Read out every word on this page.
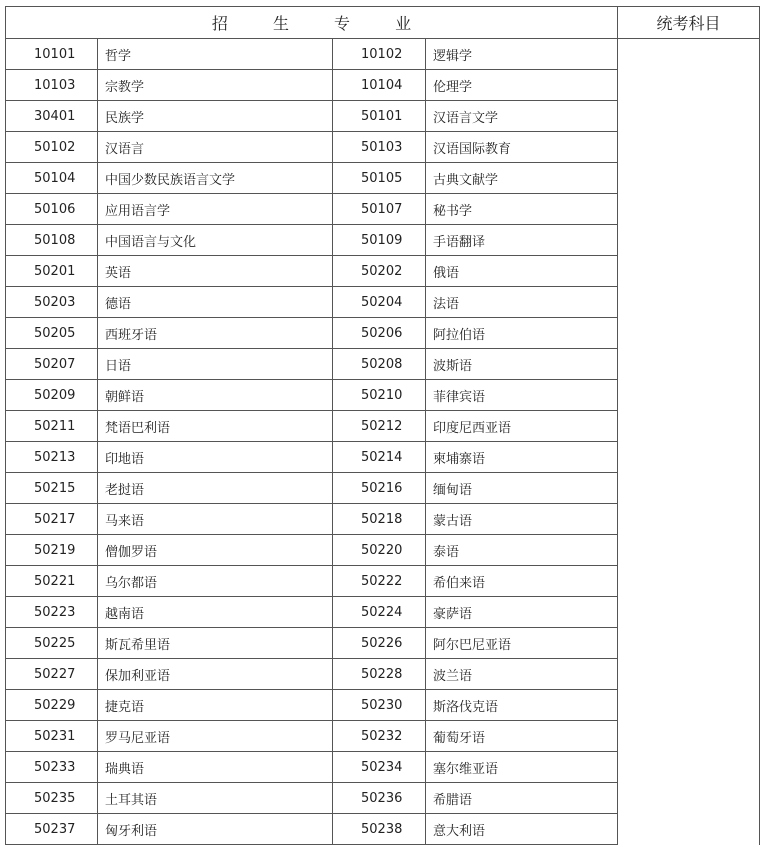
招 生 专 业				统考科目
10101	哲学	10102	逻辑学	
10103	宗教学	10104	伦理学	
30401	民族学	50101	汉语言文学	
50102	汉语言	50103	汉语国际教育	
50104	中国少数民族语言文学	50105	古典文献学	
50106	应用语言学	50107	秘书学	
50108	中国语言与文化	50109	手语翻译	
50201	英语	50202	俄语	
50203	德语	50204	法语	
50205	西班牙语	50206	阿拉伯语	
50207	日语	50208	波斯语	
50209	朝鲜语	50210	菲律宾语	
50211	梵语巴利语	50212	印度尼西亚语	
50213	印地语	50214	柬埔寨语	
50215	老挝语	50216	缅甸语	
50217	马来语	50218	蒙古语	
50219	僧伽罗语	50220	泰语	
50221	乌尔都语	50222	希伯来语	
50223	越南语	50224	豪萨语	
50225	斯瓦希里语	50226	阿尔巴尼亚语	
50227	保加利亚语	50228	波兰语	
50229	捷克语	50230	斯洛伐克语	
50231	罗马尼亚语	50232	葡萄牙语	
50233	瑞典语	50234	塞尔维亚语	
50235	土耳其语	50236	希腊语	
50237	匈牙利语	50238	意大利语	
